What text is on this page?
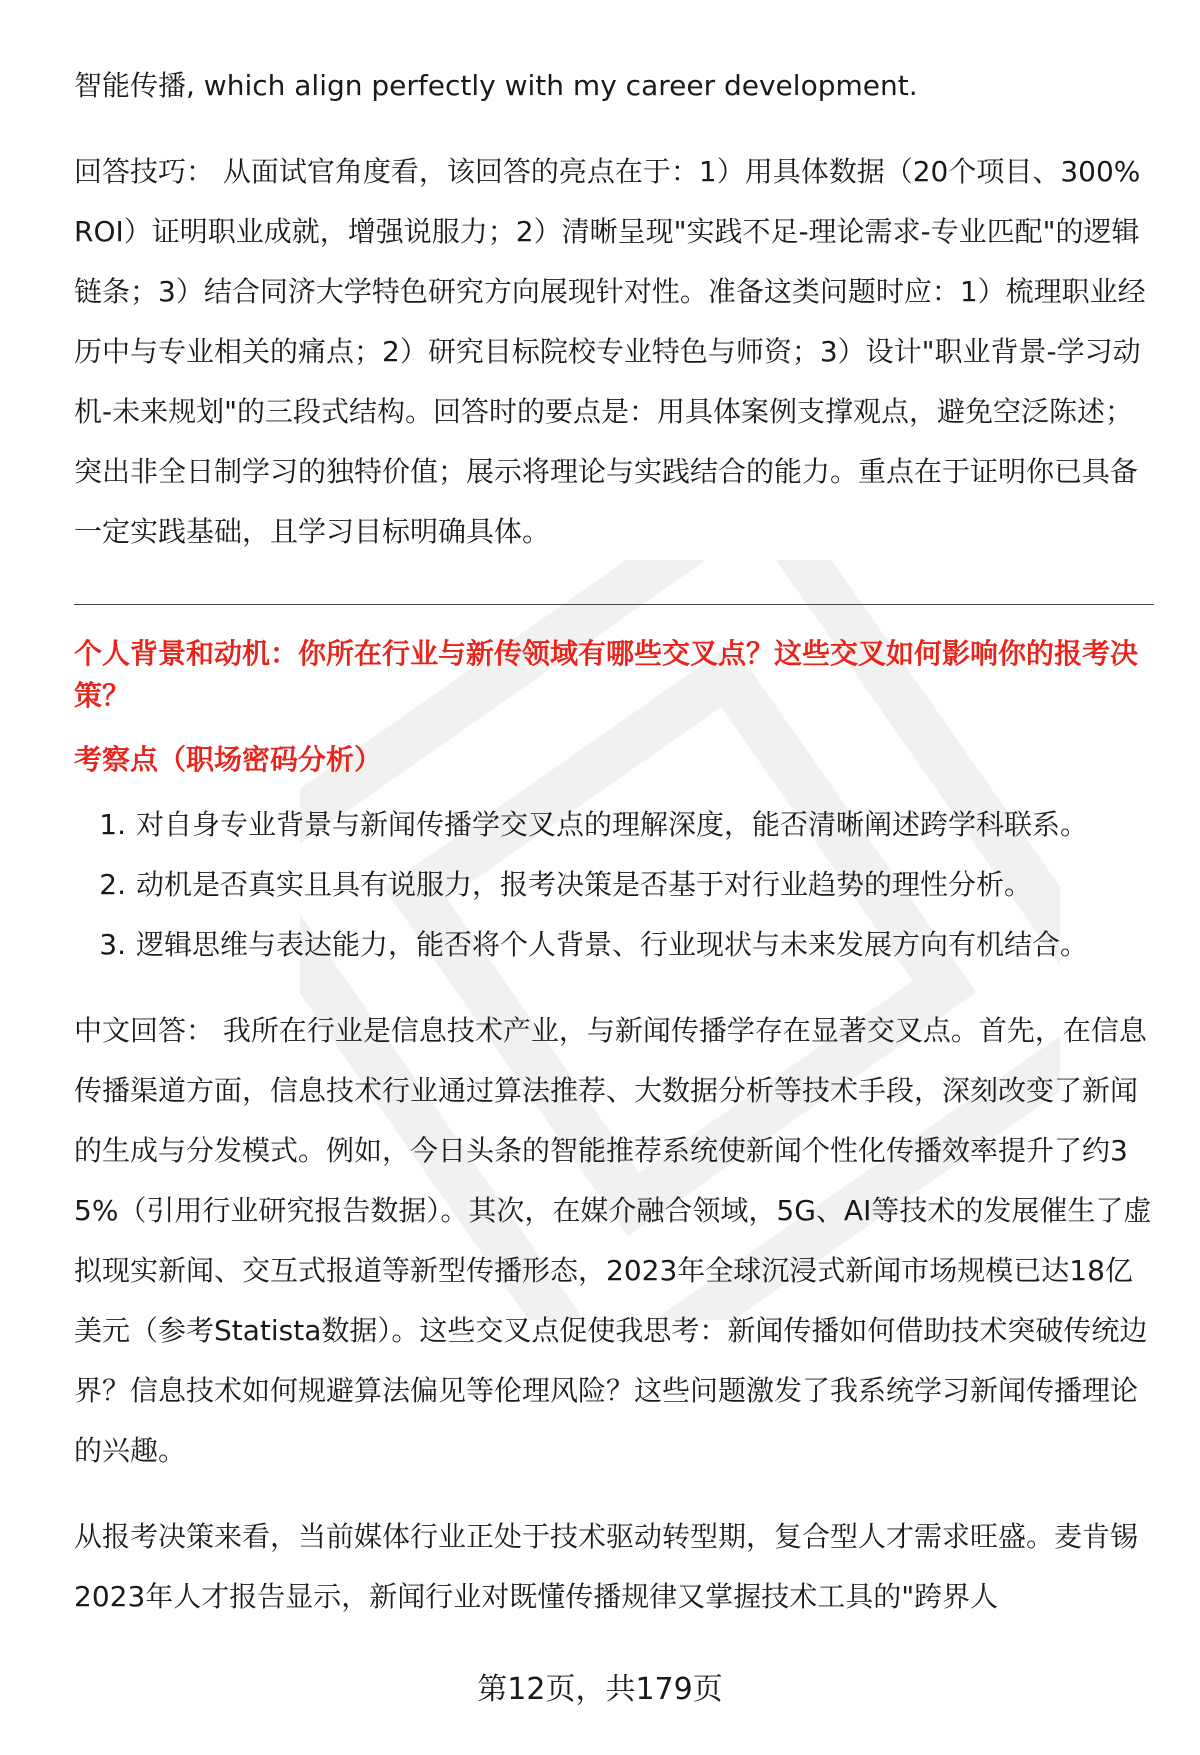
智能传播, which align perfectly with my career development.

回答技巧： 从面试官角度看，该回答的亮点在于：1）用具体数据（20个项目、300% ROI）证明职业成就，增强说服力；2）清晰呈现"实践不足-理论需求-专业匹配"的逻辑链条；3）结合同济大学特色研究方向展现针对性。准备这类问题时应：1）梳理职业经历中与专业相关的痛点；2）研究目标院校专业特色与师资；3）设计"职业背景-学习动机-未来规划"的三段式结构。回答时的要点是：用具体案例支撑观点，避免空泛陈述；突出非全日制学习的独特价值；展示将理论与实践结合的能力。重点在于证明你已具备一定实践基础，且学习目标明确具体。

个人背景和动机：你所在行业与新传领域有哪些交叉点？这些交叉如何影响你的报考决策？

考察点（职场密码分析）

1. 对自身专业背景与新闻传播学交叉点的理解深度，能否清晰阐述跨学科联系。
2. 动机是否真实且具有说服力，报考决策是否基于对行业趋势的理性分析。
3. 逻辑思维与表达能力，能否将个人背景、行业现状与未来发展方向有机结合。

中文回答： 我所在行业是信息技术产业，与新闻传播学存在显著交叉点。首先，在信息传播渠道方面，信息技术行业通过算法推荐、大数据分析等技术手段，深刻改变了新闻的生成与分发模式。例如，今日头条的智能推荐系统使新闻个性化传播效率提升了约35%（引用行业研究报告数据）。其次，在媒介融合领域，5G、AI等技术的发展催生了虚拟现实新闻、交互式报道等新型传播形态，2023年全球沉浸式新闻市场规模已达18亿美元（参考Statista数据）。这些交叉点促使我思考：新闻传播如何借助技术突破传统边界？信息技术如何规避算法偏见等伦理风险？这些问题激发了我系统学习新闻传播理论的兴趣。

从报考决策来看，当前媒体行业正处于技术驱动转型期，复合型人才需求旺盛。麦肯锡2023年人才报告显示，新闻行业对既懂传播规律又掌握技术工具的"跨界人

第12页，共179页
